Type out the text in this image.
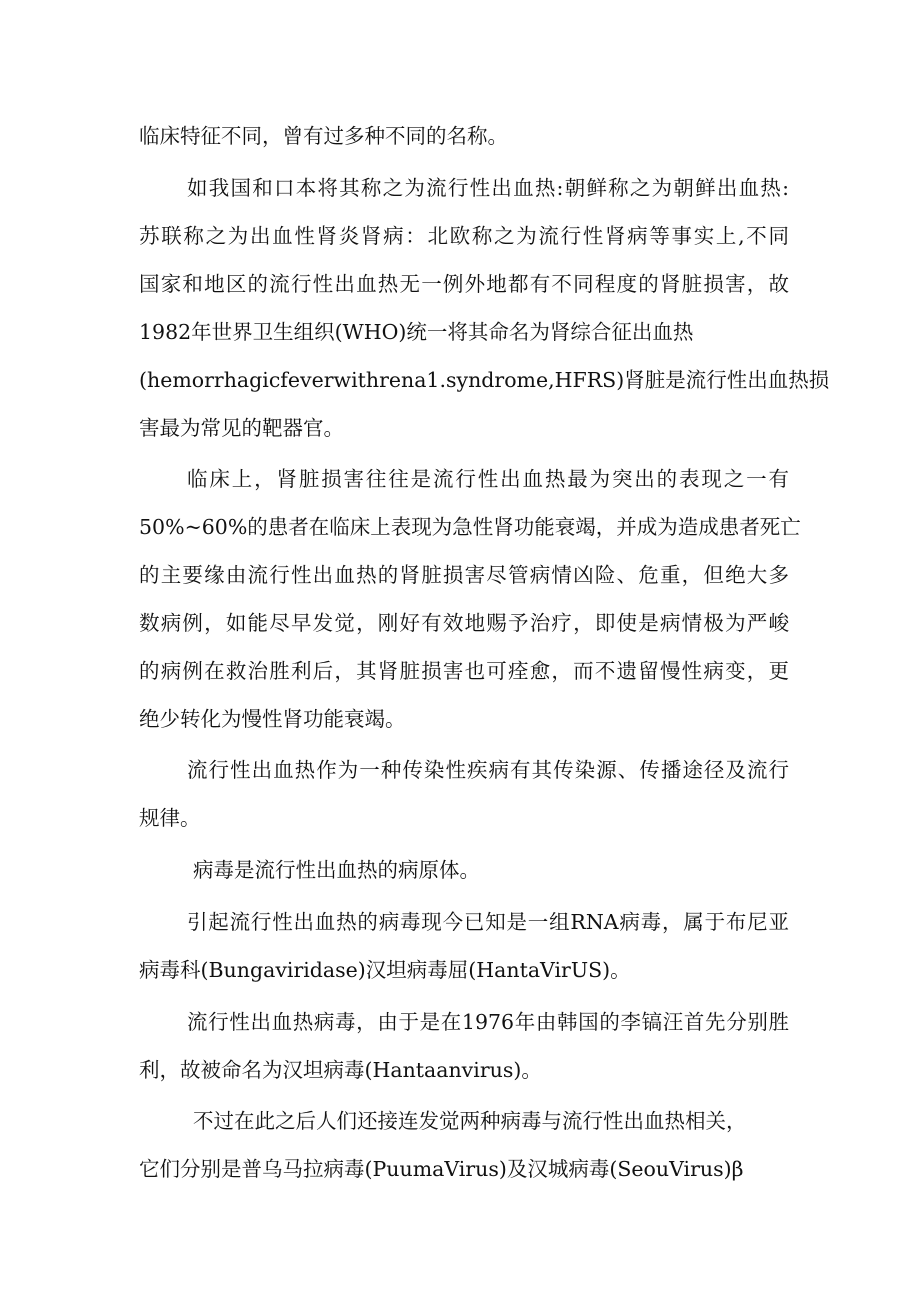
临床特征不同，曾有过多种不同的名称。
如我国和口本将其称之为流行性出血热:朝鲜称之为朝鲜出血热:
苏联称之为出血性肾炎肾病：北欧称之为流行性肾病等事实上,不同
国家和地区的流行性出血热无一例外地都有不同程度的肾脏损害，故
1982年世界卫生组织(WHO)统一将其命名为肾综合征出血热
(hemorrhagicfeverwithrena1.syndrome,HFRS)肾脏是流行性出血热损
害最为常见的靶器官。
临床上，肾脏损害往往是流行性出血热最为突出的表现之一有
50%~60%的患者在临床上表现为急性肾功能衰竭，并成为造成患者死亡
的主要缘由流行性出血热的肾脏损害尽管病情凶险、危重，但绝大多
数病例，如能尽早发觉，刚好有效地赐予治疗，即使是病情极为严峻
的病例在救治胜利后，其肾脏损害也可痊愈，而不遗留慢性病变，更
绝少转化为慢性肾功能衰竭。
流行性出血热作为一种传染性疾病有其传染源、传播途径及流行
规律。
病毒是流行性出血热的病原体。
引起流行性出血热的病毒现今已知是一组RNA病毒，属于布尼亚
病毒科(Bungaviridase)汉坦病毒屈(HantaVirUS)。
流行性出血热病毒，由于是在1976年由韩国的李镐汪首先分别胜
利，故被命名为汉坦病毒(Hantaanvirus)。
不过在此之后人们还接连发觉两种病毒与流行性出血热相关，
它们分别是普乌马拉病毒(PuumaVirus)及汉城病毒(SeouVirus)β
